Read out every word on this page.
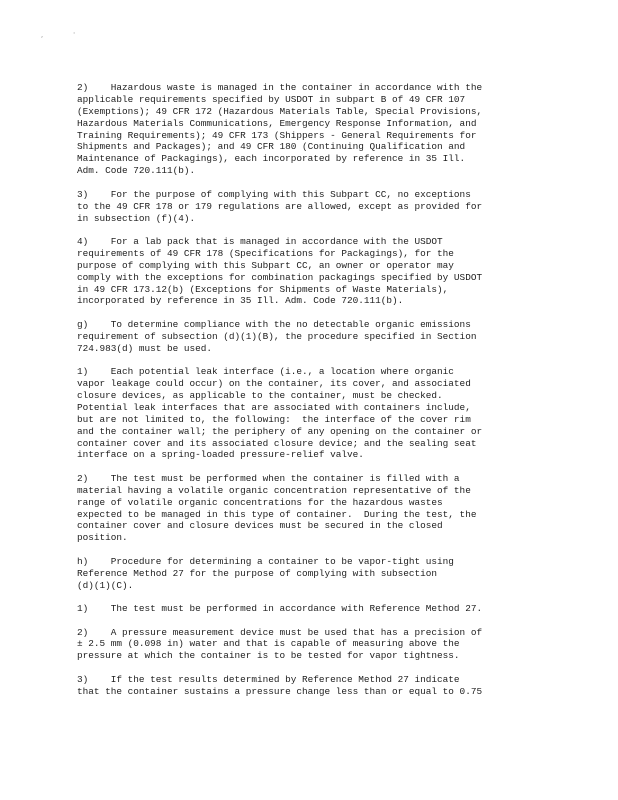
,	'
2)    Hazardous waste is managed in the container in accordance with the
applicable requirements specified by USDOT in subpart B of 49 CFR 107
(Exemptions); 49 CFR 172 (Hazardous Materials Table, Special Provisions,
Hazardous Materials Communications, Emergency Response Information, and
Training Requirements); 49 CFR 173 (Shippers - General Requirements for
Shipments and Packages); and 49 CFR 180 (Continuing Qualification and
Maintenance of Packagings), each incorporated by reference in 35 Ill.
Adm. Code 720.111(b).
3)    For the purpose of complying with this Subpart CC, no exceptions
to the 49 CFR 178 or 179 regulations are allowed, except as provided for
in subsection (f)(4).
4)    For a lab pack that is managed in accordance with the USDOT
requirements of 49 CFR 178 (Specifications for Packagings), for the
purpose of complying with this Subpart CC, an owner or operator may
comply with the exceptions for combination packagings specified by USDOT
in 49 CFR 173.12(b) (Exceptions for Shipments of Waste Materials),
incorporated by reference in 35 Ill. Adm. Code 720.111(b).
g)    To determine compliance with the no detectable organic emissions
requirement of subsection (d)(1)(B), the procedure specified in Section
724.983(d) must be used.
1)    Each potential leak interface (i.e., a location where organic
vapor leakage could occur) on the container, its cover, and associated
closure devices, as applicable to the container, must be checked.
Potential leak interfaces that are associated with containers include,
but are not limited to, the following:  the interface of the cover rim
and the container wall; the periphery of any opening on the container or
container cover and its associated closure device; and the sealing seat
interface on a spring-loaded pressure-relief valve.
2)    The test must be performed when the container is filled with a
material having a volatile organic concentration representative of the
range of volatile organic concentrations for the hazardous wastes
expected to be managed in this type of container.  During the test, the
container cover and closure devices must be secured in the closed
position.
h)    Procedure for determining a container to be vapor-tight using
Reference Method 27 for the purpose of complying with subsection
(d)(1)(C).
1)    The test must be performed in accordance with Reference Method 27.
2)    A pressure measurement device must be used that has a precision of
± 2.5 mm (0.098 in) water and that is capable of measuring above the
pressure at which the container is to be tested for vapor tightness.
3)    If the test results determined by Reference Method 27 indicate
that the container sustains a pressure change less than or equal to 0.75
